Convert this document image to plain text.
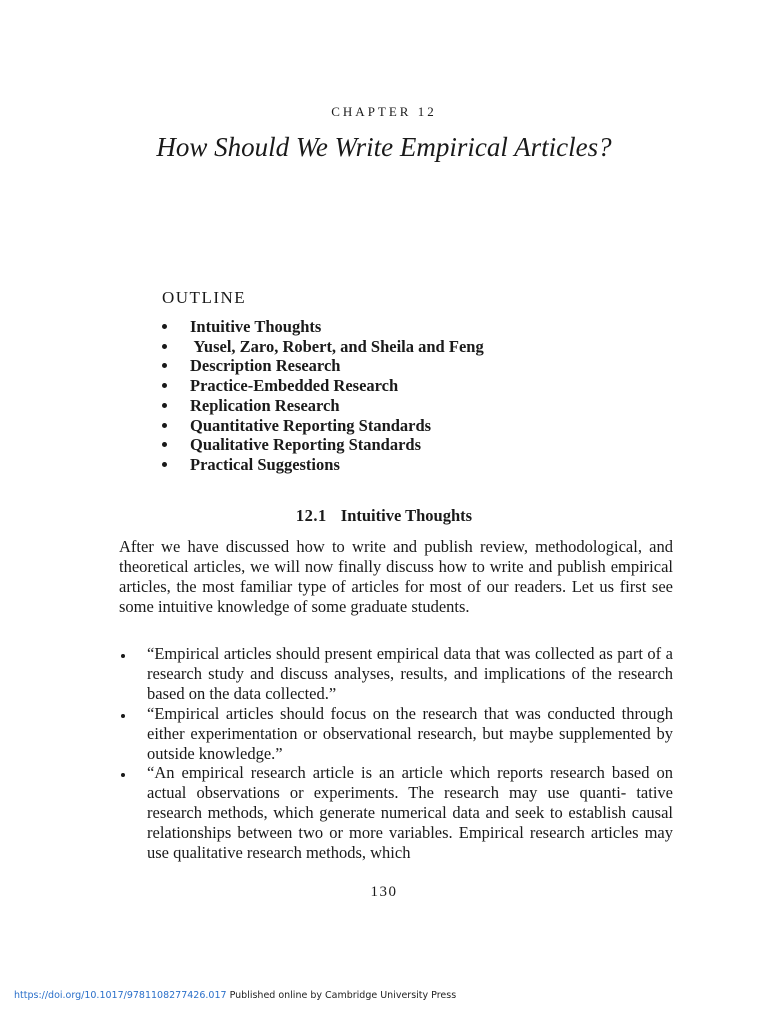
CHAPTER 12
How Should We Write Empirical Articles?
OUTLINE
Intuitive Thoughts
Yusel, Zaro, Robert, and Sheila and Feng
Description Research
Practice-Embedded Research
Replication Research
Quantitative Reporting Standards
Qualitative Reporting Standards
Practical Suggestions
12.1 Intuitive Thoughts

After we have discussed how to write and publish review, methodological, and theoretical articles, we will now finally discuss how to write and publish empirical articles, the most familiar type of articles for most of our readers. Let us first see some intuitive knowledge of some graduate students.

“Empirical articles should present empirical data that was collected as part of a research study and discuss analyses, results, and implications of the research based on the data collected.”
“Empirical articles should focus on the research that was conducted through either experimentation or observational research, but maybe supplemented by outside knowledge.”
“An empirical research article is an article which reports research based on actual observations or experiments. The research may use quanti- tative research methods, which generate numerical data and seek to establish causal relationships between two or more variables. Empirical research articles may use qualitative research methods, which
130
https://doi.org/10.1017/9781108277426.017 Published online by Cambridge University Press
